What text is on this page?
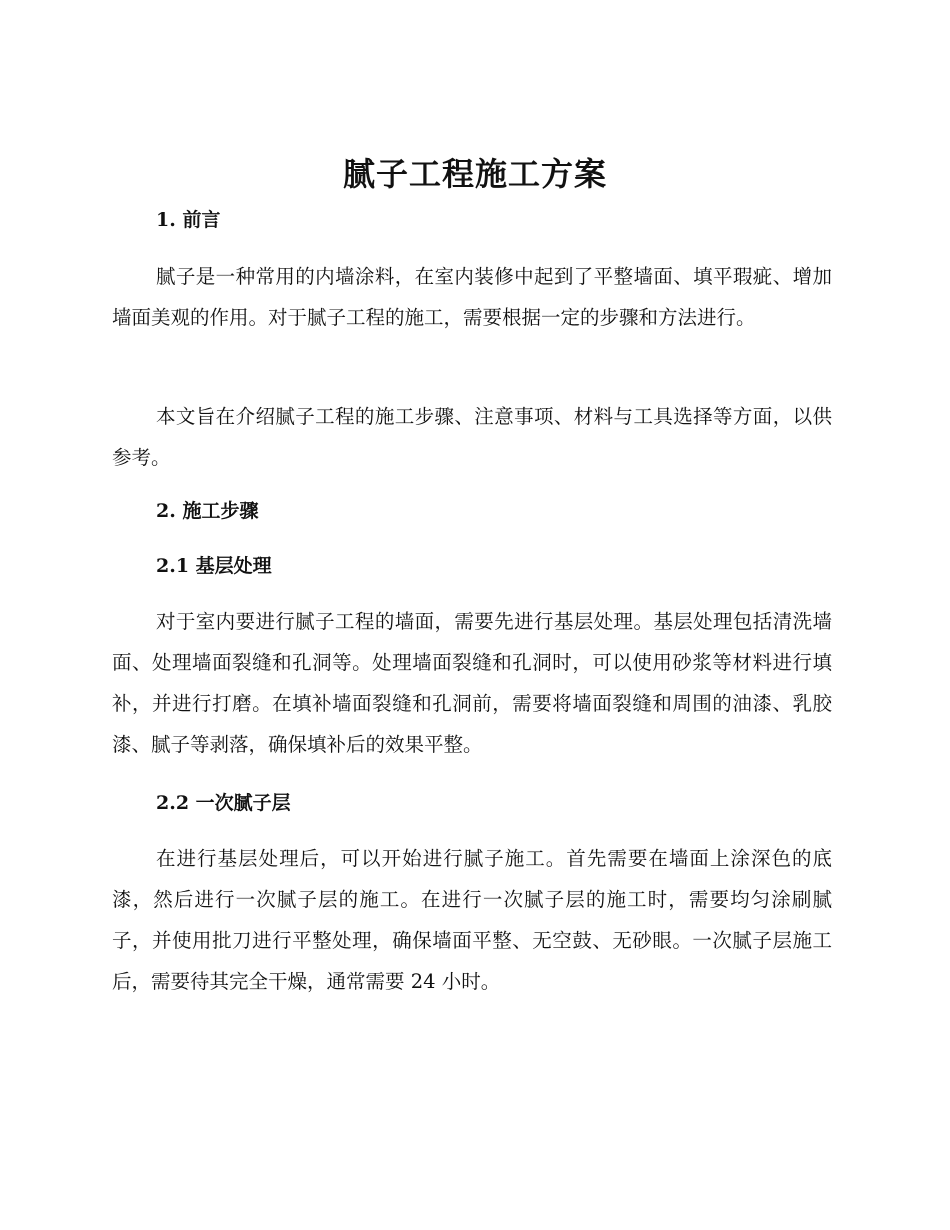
腻子工程施工方案
1. 前言

腻子是一种常用的内墙涂料，在室内装修中起到了平整墙面、填平瑕疵、增加墙面美观的作用。对于腻子工程的施工，需要根据一定的步骤和方法进行。

本文旨在介绍腻子工程的施工步骤、注意事项、材料与工具选择等方面，以供参考。

2. 施工步骤
2.1 基层处理

对于室内要进行腻子工程的墙面，需要先进行基层处理。基层处理包括清洗墙面、处理墙面裂缝和孔洞等。处理墙面裂缝和孔洞时，可以使用砂浆等材料进行填补，并进行打磨。在填补墙面裂缝和孔洞前，需要将墙面裂缝和周围的油漆、乳胶漆、腻子等剥落，确保填补后的效果平整。

2.2 一次腻子层

在进行基层处理后，可以开始进行腻子施工。首先需要在墙面上涂深色的底漆，然后进行一次腻子层的施工。在进行一次腻子层的施工时，需要均匀涂刷腻子，并使用批刀进行平整处理，确保墙面平整、无空鼓、无砂眼。一次腻子层施工后，需要待其完全干燥，通常需要 24 小时。
